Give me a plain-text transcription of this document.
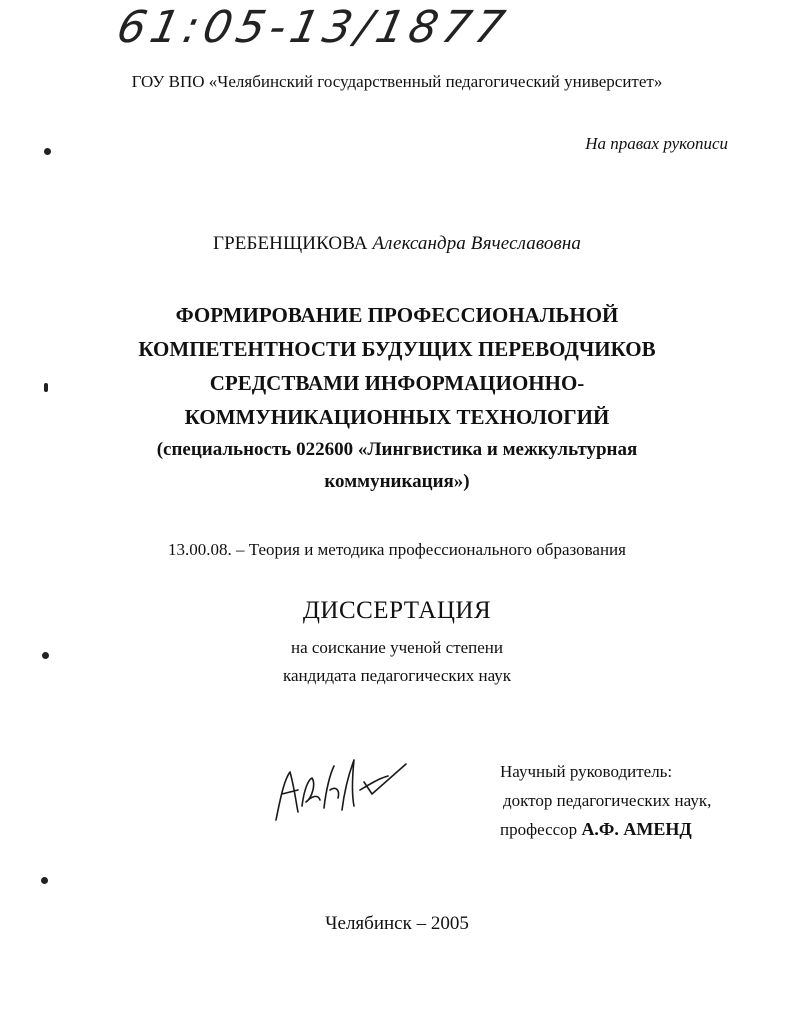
61:05-13/1877
ГОУ ВПО «Челябинский государственный педагогический университет»
На правах рукописи
ГРЕБЕНЩИКОВА Александра Вячеславовна
ФОРМИРОВАНИЕ ПРОФЕССИОНАЛЬНОЙ
КОМПЕТЕНТНОСТИ БУДУЩИХ ПЕРЕВОДЧИКОВ
СРЕДСТВАМИ ИНФОРМАЦИОННО-
КОММУНИКАЦИОННЫХ ТЕХНОЛОГИЙ
(специальность 022600 «Лингвистика и межкультурная
коммуникация»)
13.00.08. – Теория и методика профессионального образования
ДИССЕРТАЦИЯ
на соискание ученой степени
кандидата педагогических наук
Научный руководитель:
доктор педагогических наук,
профессор А.Ф. АМЕНД
Челябинск – 2005
